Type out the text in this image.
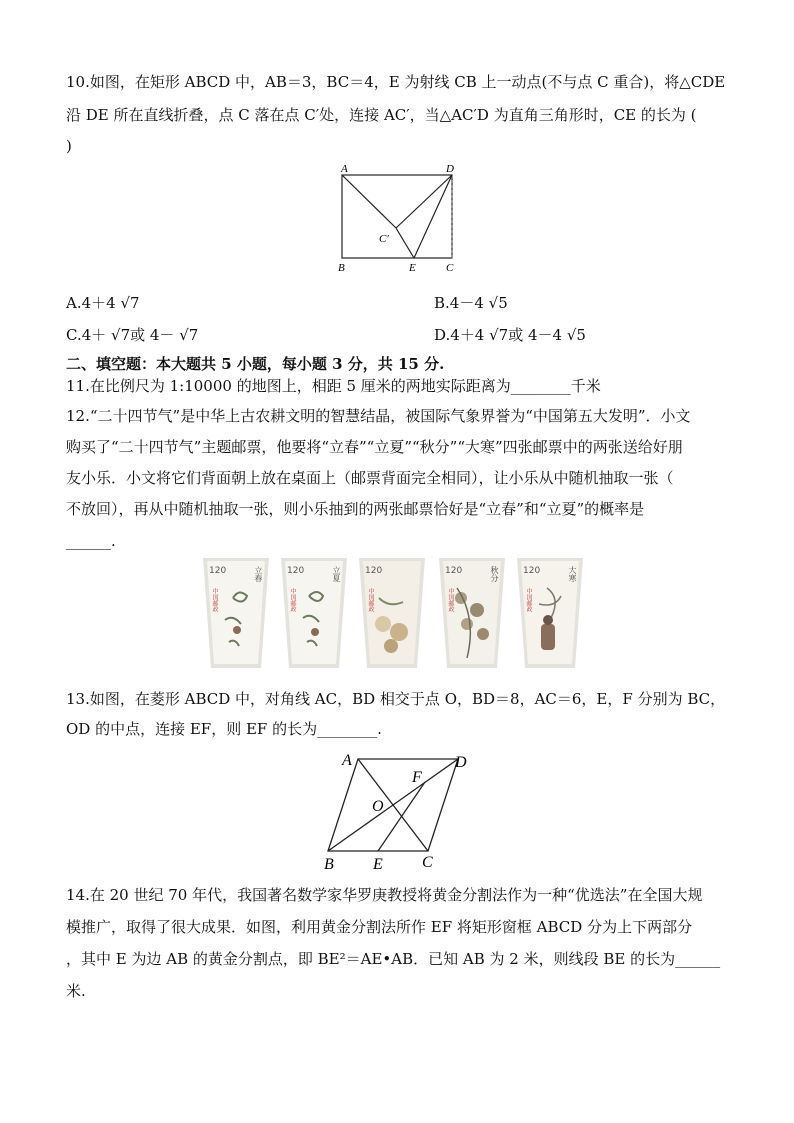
10.如图，在矩形 ABCD 中，AB＝3，BC＝4，E 为射线 CB 上一动点(不与点 C 重合)，将△CDE
沿 DE 所在直线折叠，点 C 落在点 C′处，连接 AC′，当△AC′D 为直角三角形时，CE 的长为 (
)
A	D
B	E	C
C′
A.4＋4 √7	B.4－4 √5
C.4＋ √7或 4－ √7	D.4＋4 √7或 4－4 √5
二、填空题：本大题共 5 小题，每小题 3 分，共 15 分.
11.在比例尺为 1:10000 的地图上，相距 5 厘米的两地实际距离为________千米
12.“二十四节气”是中华上古农耕文明的智慧结晶，被国际气象界誉为“中国第五大发明”．小文
购买了“二十四节气”主题邮票，他要将“立春”“立夏”“秋分”“大寒”四张邮票中的两张送给好朋
友小乐．小文将它们背面朝上放在桌面上（邮票背面完全相同），让小乐从中随机抽取一张（
不放回），再从中随机抽取一张，则小乐抽到的两张邮票恰好是“立春”和“立夏”的概率是
______.
120	立春
中国邮政
120	立夏
中国邮政
120
中国邮政
120	秋分
中国邮政
120	大寒
中国邮政
13.如图，在菱形 ABCD 中，对角线 AC，BD 相交于点 O，BD＝8，AC＝6，E，F 分别为 BC，
OD 的中点，连接 EF，则 EF 的长为________.
A	D
F
O
B E C
14.在 20 世纪 70 年代，我国著名数学家华罗庚教授将黄金分割法作为一种“优选法”在全国大规
模推广，取得了很大成果．如图，利用黄金分割法所作 EF 将矩形窗框 ABCD 分为上下两部分
，其中 E 为边 AB 的黄金分割点，即 BE²＝AE•AB．已知 AB 为 2 米，则线段 BE 的长为______
米.
